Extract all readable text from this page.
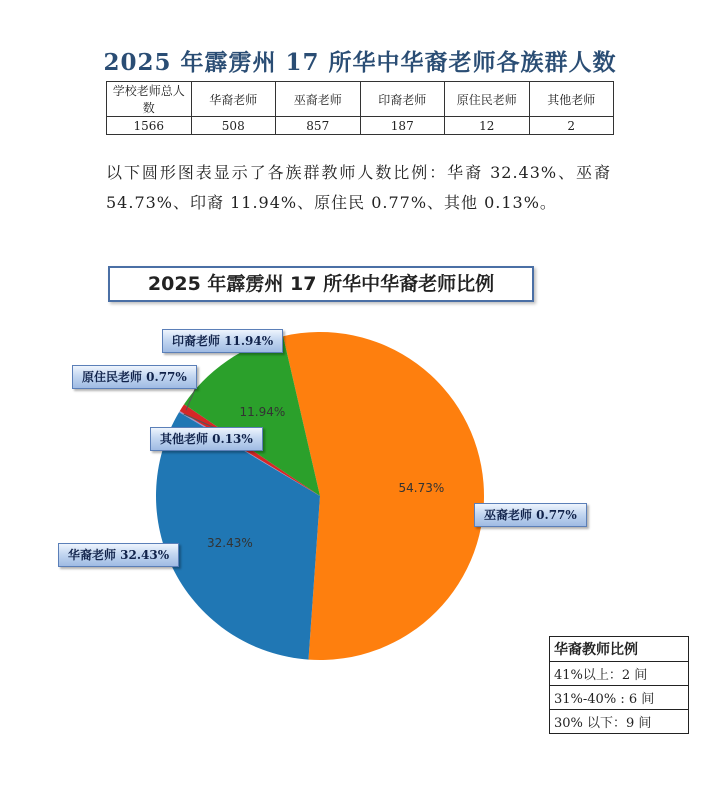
2025 年霹雳州 17 所华中华裔老师各族群人数
学校老师总人数	华裔老师	巫裔老师	印裔老师	原住民老师	其他老师
1566	508	857	187	12	2
以下圆形图表显示了各族群教师人数比例：华裔 32.43%、巫裔 54.73%、印裔 11.94%、原住民 0.77%、其他 0.13%。
2025 年霹雳州 17 所华中华裔老师比例
54.73%
32.43%
11.94%
巫裔老师 0.77%
华裔老师 32.43%
其他老师 0.13%
原住民老师 0.77%
印裔老师 11.94%
华裔教师比例
41%以上：2 间
31%-40% : 6 间
30% 以下：9 间
